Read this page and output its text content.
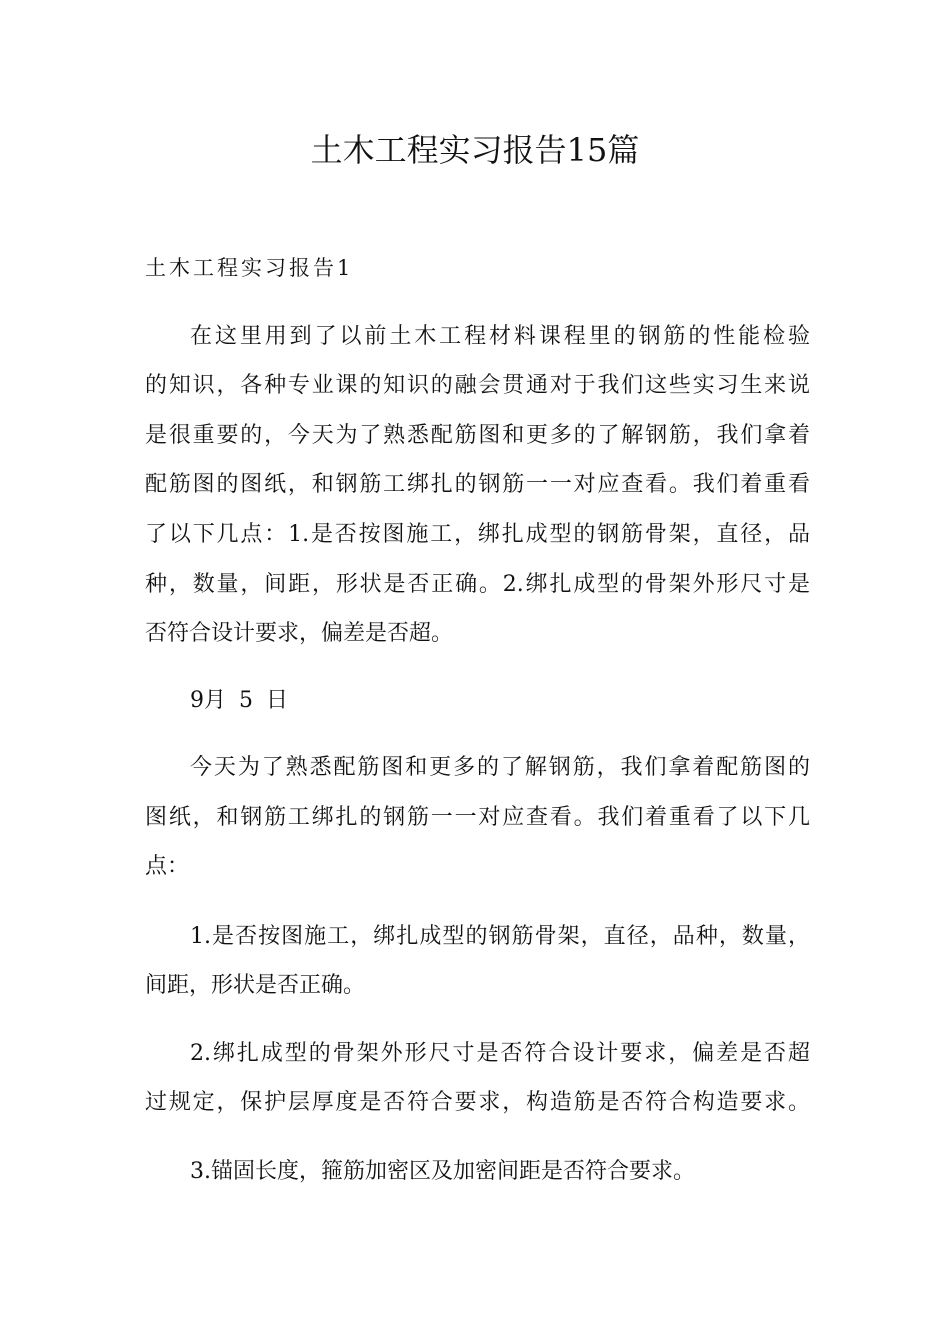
土木工程实习报告15篇
土木工程实习报告1
在这里用到了以前土木工程材料课程里的钢筋的性能检验
的知识，各种专业课的知识的融会贯通对于我们这些实习生来说
是很重要的，今天为了熟悉配筋图和更多的了解钢筋，我们拿着
配筋图的图纸，和钢筋工绑扎的钢筋一一对应查看。我们着重看
了以下几点：1.是否按图施工，绑扎成型的钢筋骨架，直径，品
种，数量，间距，形状是否正确。2.绑扎成型的骨架外形尺寸是
否符合设计要求，偏差是否超。
9月 5 日
今天为了熟悉配筋图和更多的了解钢筋，我们拿着配筋图的
图纸，和钢筋工绑扎的钢筋一一对应查看。我们着重看了以下几
点：
1.是否按图施工，绑扎成型的钢筋骨架，直径，品种，数量，
间距，形状是否正确。
2.绑扎成型的骨架外形尺寸是否符合设计要求，偏差是否超
过规定，保护层厚度是否符合要求，构造筋是否符合构造要求。
3.锚固长度，箍筋加密区及加密间距是否符合要求。
